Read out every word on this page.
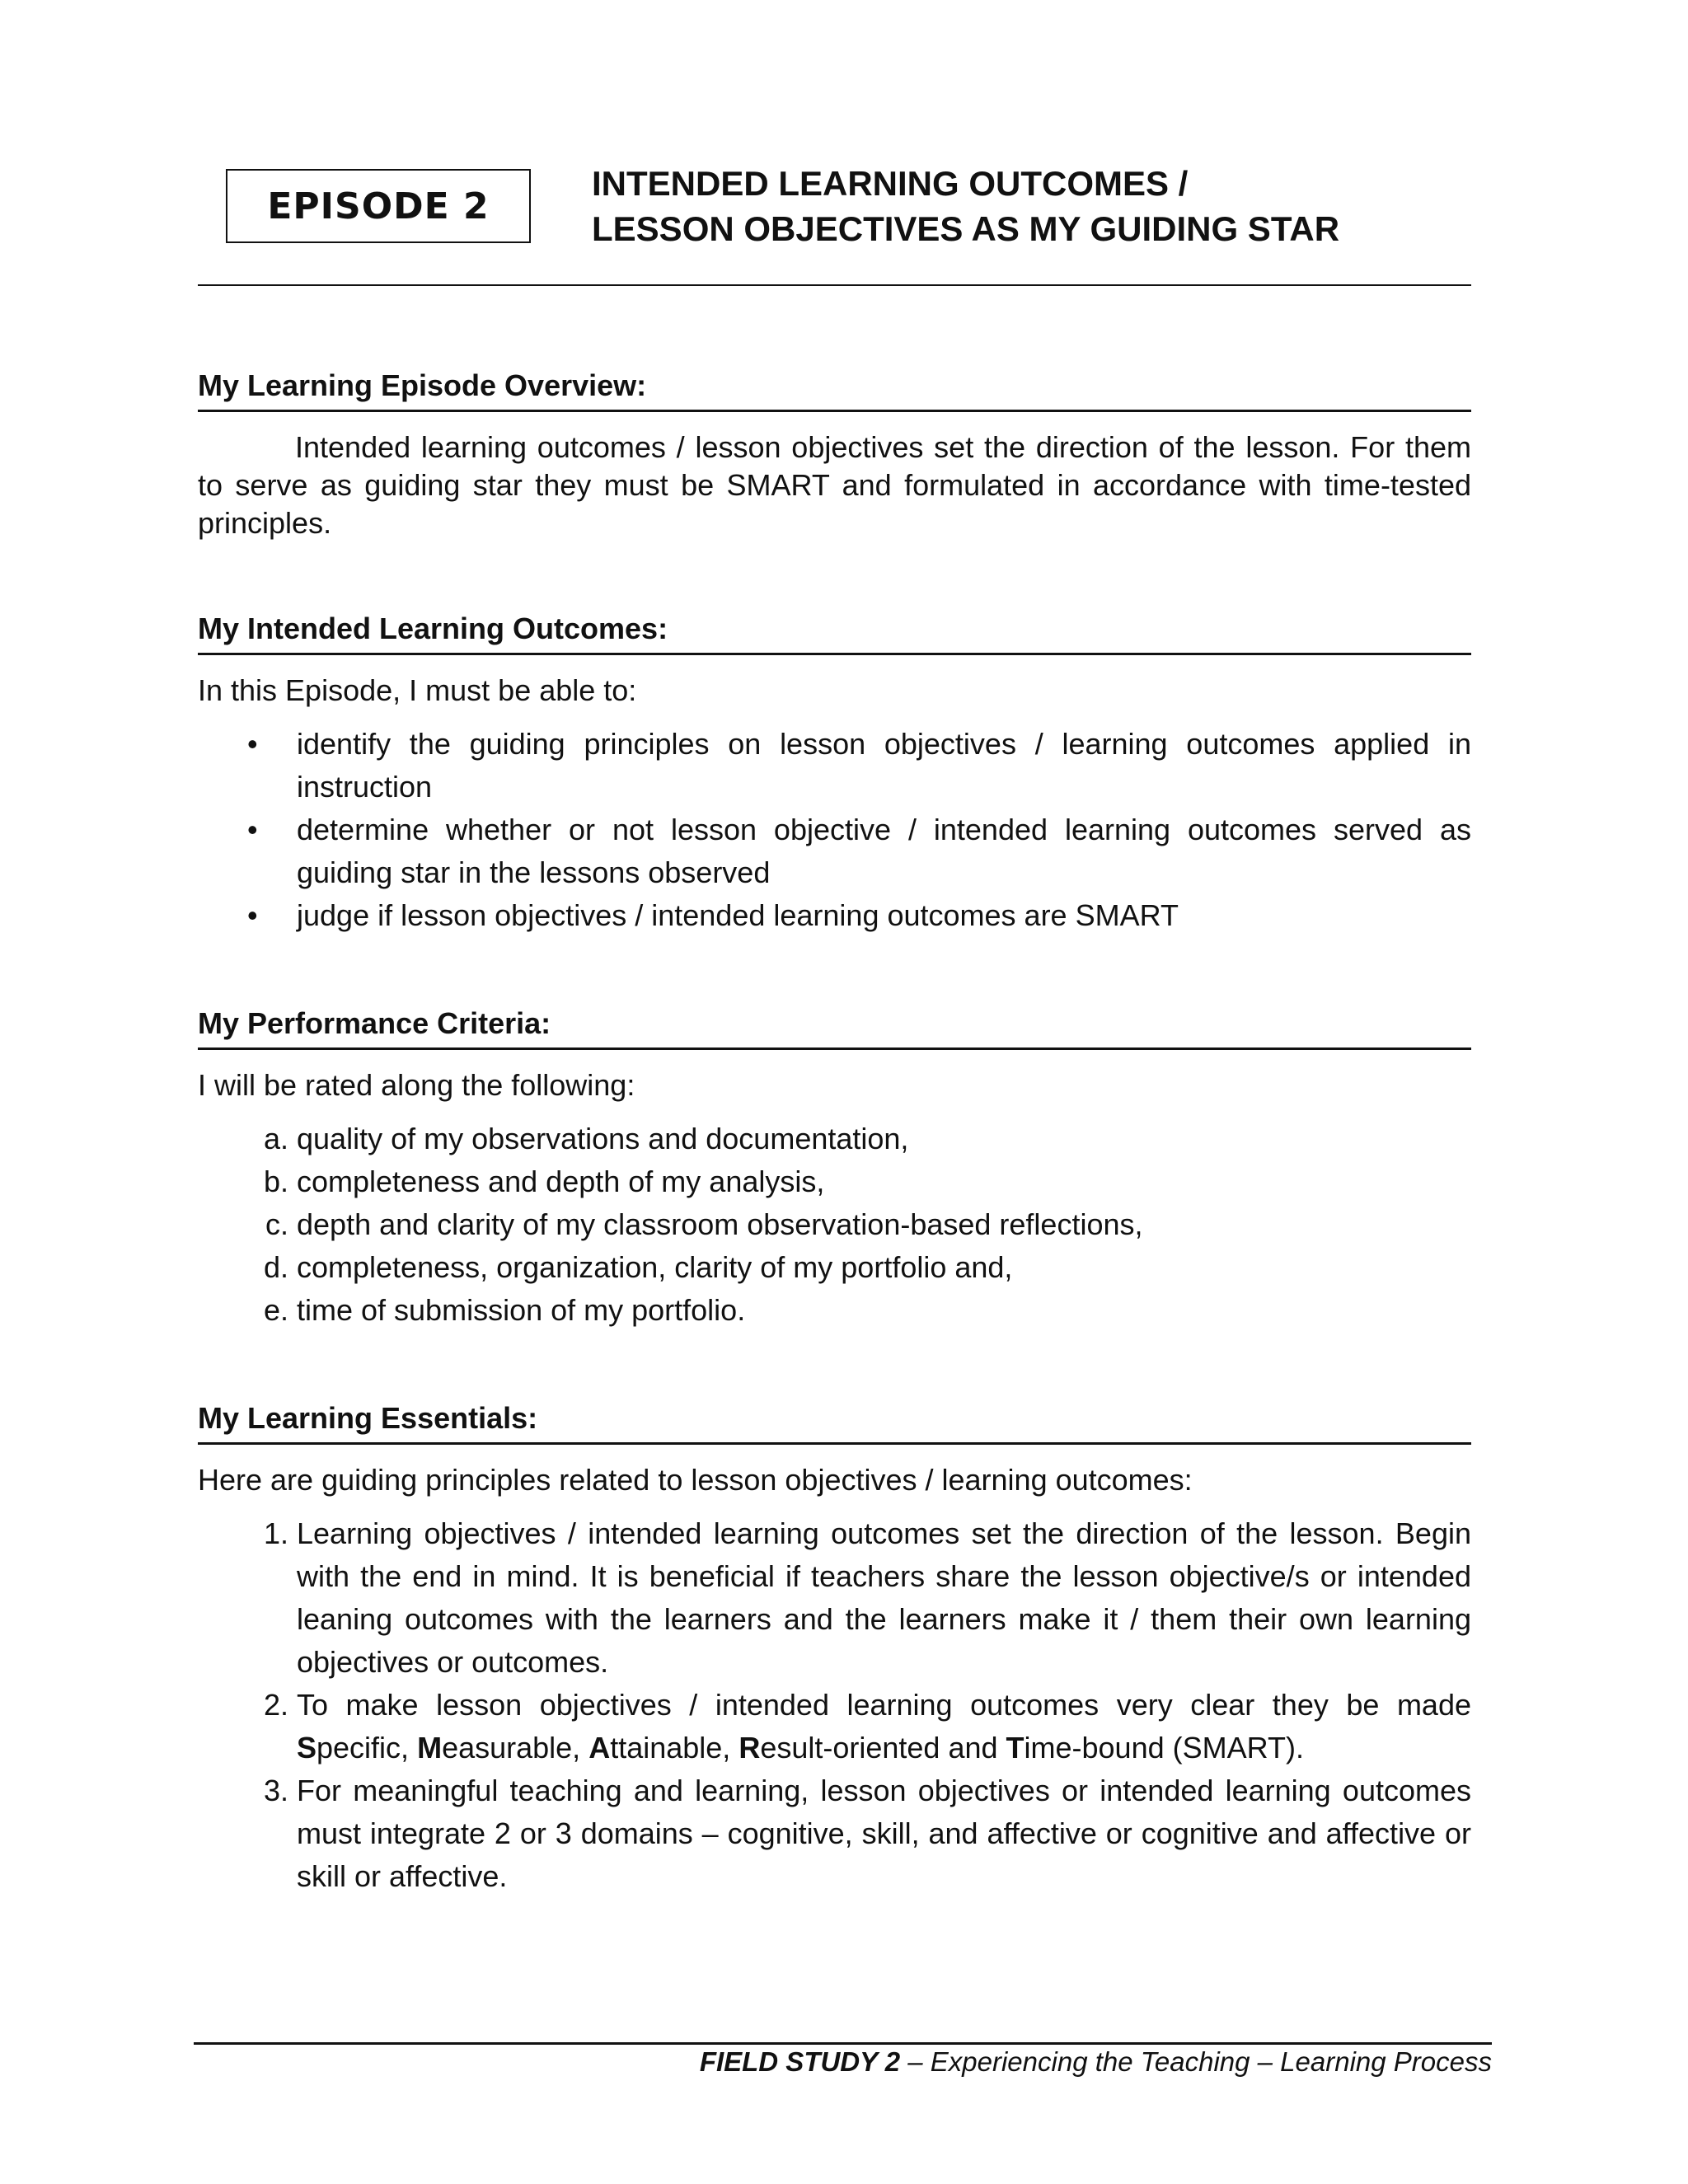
EPISODE 2
INTENDED LEARNING OUTCOMES /
LESSON OBJECTIVES AS MY GUIDING STAR
My Learning Episode Overview:
Intended learning outcomes / lesson objectives set the direction of the lesson. For them to serve as guiding star they must be SMART and formulated in accordance with time-tested principles.
My Intended Learning Outcomes:
In this Episode, I must be able to:
• identify the guiding principles on lesson objectives / learning outcomes applied in instruction
• determine whether or not lesson objective / intended learning outcomes served as guiding star in the lessons observed
• judge if lesson objectives / intended learning outcomes are SMART
My Performance Criteria:
I will be rated along the following:
a. quality of my observations and documentation,
b. completeness and depth of my analysis,
c. depth and clarity of my classroom observation-based reflections,
d. completeness, organization, clarity of my portfolio and,
e. time of submission of my portfolio.
My Learning Essentials:
Here are guiding principles related to lesson objectives / learning outcomes:
1. Learning objectives / intended learning outcomes set the direction of the lesson. Begin with the end in mind. It is beneficial if teachers share the lesson objective/s or intended leaning outcomes with the learners and the learners make it / them their own learning objectives or outcomes.
2. To make lesson objectives / intended learning outcomes very clear they be made Specific, Measurable, Attainable, Result-oriented and Time-bound (SMART).
3. For meaningful teaching and learning, lesson objectives or intended learning outcomes must integrate 2 or 3 domains – cognitive, skill, and affective or cognitive and affective or skill or affective.
FIELD STUDY 2 – Experiencing the Teaching – Learning Process
